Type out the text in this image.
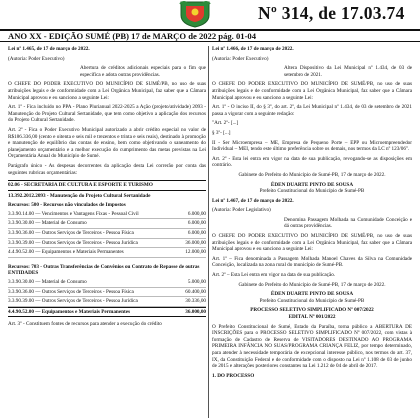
Nº 314, de 17.03.74
ANO XX - EDIÇÃO SUMÉ (PB) 17 de MARÇO de 2022 pág. 01-04
Lei nº 1.465, de 17 de março de 2022.
(Autoria: Poder Executivo)
Abertura de créditos adicionais especiais para o fim que especifica e adota outras providências.
O CHEFE DO PODER EXECUTIVO DO MUNICÍPIO DE SUMÉ/PB, no uso de suas atribuições legais e de conformidade com a Lei Orgânica Municipal, faz saber que a Câmara Municipal aprovou e eu sanciono a seguinte Lei:
Art. 1º - Fica incluído no PPA - Plano Plurianual 2022-2025 a Ação (projeto/atividade) 2093 - Manutenção do Projeto Cultural Sertanidade, que tem como objetivo a aplicação dos recursos do Projeto Cultural Sertanidade.
Art. 2º - Fica o Poder Executivo Municipal autorizado a abrir crédito especial no valor de R$186.336,00 (cento e oitenta e seis mil e trezentos e trinta e seis reais), destinado à promoção e manutenção de equilíbrio das contas de ensino, bem como objetivando o saneamento do planejamento orçamentário e a melhor execução do cumprimento das metas previstas na Lei Orçamentária Anual do Município de Sumé.
Parágrafo único - As despesas decorrentes da aplicação desta Lei correrão por conta das seguintes rubricas orçamentárias:
02.06 - SECRETARIA DE CULTURA E ESPORTE E TURISMO
13.392.2012.2093 - Manutenção do Projeto Cultural Sertanidade
Recursos: 500 - Recursos não vinculados de Impostos
3.3.90.14.00 — Vencimentos e Vantagens Fixas - Pessoal Civil	6.000,00
3.3.90.30.00 — Material de Consumo	6.000,00
3.3.90.36.00 — Outros Serviços de Terceiros - Pessoa Física	6.000,00
3.3.90.39.00 — Outros Serviços de Terceiros - Pessoa Jurídica	36.000,00
4.4.90.52.00 — Equipamentos e Materiais Permanentes	12.000,00
Recursos: 703 - Outras Transferências de Convênios ou Contrato de Repasse de outras ENTIDADES
3.3.90.30.00 — Material de Consumo	5.000,00
3.3.90.36.00 — Outros Serviços de Terceiros - Pessoa Física	60.400,00
3.3.90.39.00 — Outros Serviços de Terceiros - Pessoa Jurídica	30.336,00
4.4.90.52.00 — Equipamentos e Materiais Permanentes	36.000,00
Art. 3º - Constituem fontes de recursos para atender a execução do crédito
Lei nº 1.466, de 17 de março de 2022.
(Autoria: Poder Executivo)
Altera Dispositivo da Lei Municipal nº 1.434, de 03 de setembro de 2021.
O CHEFE DO PODER EXECUTIVO DO MUNICÍPIO DE SUMÉ/PB, no uso de suas atribuições legais e de conformidade com a Lei Orgânica Municipal, faz saber que a Câmara Municipal aprovou e eu sanciono a seguinte Lei:
Art. 1º - O inciso II, do § 3º, do art. 2º, da Lei Municipal nº 1.434, de 03 de setembro de 2021 passa a vigorar com a seguinte redação:
"Art. 2º- [...]
§ 3º- [...]
II - Ser Microempresa – ME, Empresa de Pequeno Porte – EPP ou Microempreendedor Individual – MEI, tendo este último preferência sobre os demais, nos termos da LC nº 123/06".
Art. 2º - Esta lei entra em vigor na data de sua publicação, revogando-se as disposições em contrário.
Gabinete do Prefeito do Município de Sumé-PB, 17 de março de 2022.
ÉDEN DUARTE PINTO DE SOUSA
Prefeito Constitucional do Município de Sumé-PB
Lei nº 1.467, de 17 de março de 2022.
(Autoria: Poder Legislativo)
Denomina Passagem Molhada na Comunidade Conceição e dá outras providências.
O CHEFE DO PODER EXECUTIVO DO MUNICÍPIO DE SUMÉ/PB, no uso de suas atribuições legais e de conformidade com a Lei Orgânica Municipal, faz saber que a Câmara Municipal aprovou e eu sanciono a seguinte Lei:
Art. 1º – Fica denominada a Passagem Molhada Manoel Chaves da Silva na Comunidade Conceição, localizada na zona rural do município de Sumé-PB.
Art. 2º – Esta Lei entra em vigor na data de sua publicação.
Gabinete do Prefeito do Município de Sumé-PB, 17 de março de 2022.
ÉDEN DUARTE PINTO DE SOUSA
Prefeito Constitucional do Município de Sumé-PB
PROCESSO SELETIVO SIMPLIFICADO Nº 007/2022
EDITAL Nº 001/2022
O Prefeito Constitucional de Sumé, Estado da Paraíba, torna público a ABERTURA DE INSCRIÇÕES para o PROCESSO SELETIVO SIMPLIFICADO Nº 007/2022, com vistas à formação de Cadastro de Reserva de VISITADORES DESTINADO AO PROGRAMA PRIMEIRA INFÂNCIA NO SUAS/PROGRAMA CRIANÇA FELIZ, por tempo determinado, para atender à necessidade temporária de excepcional interesse público, nos termos do art. 37, IX, da Constituição Federal e de conformidade com o disposto na Lei nº 1.108 de 03 de junho de 2015 e alterações posteriores constantes na Lei 1.212 de 04 de abril de 2017.
1. DO PROCESSO
